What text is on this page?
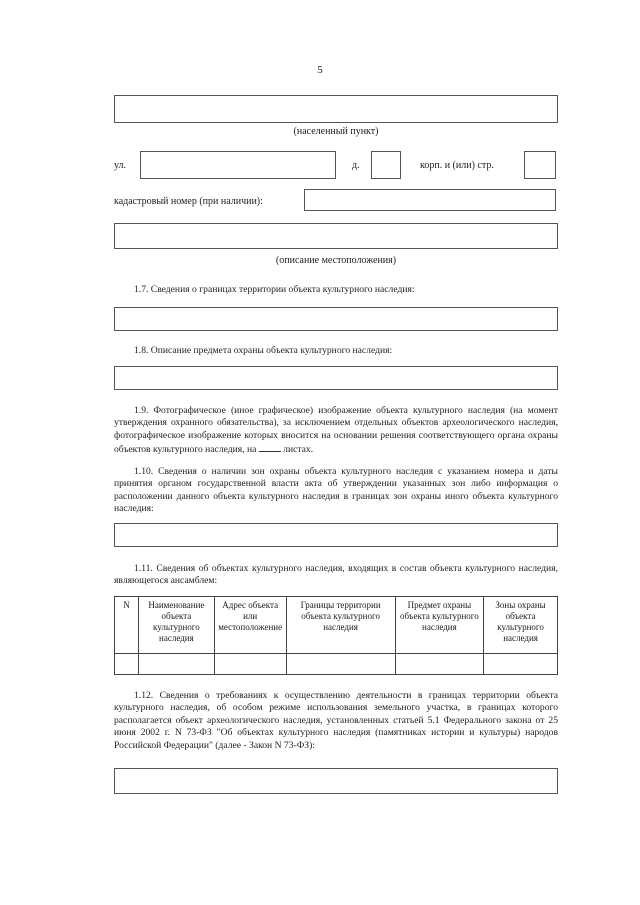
5
(населенный пункт)
ул.	д.	корп. и (или) стр.
кадастровый номер (при наличии):
(описание местоположения)
1.7. Сведения о границах территории объекта культурного наследия:
1.8. Описание предмета охраны объекта культурного наследия:
1.9. Фотографическое (иное графическое) изображение объекта культурного наследия (на момент утверждения охранного обязательства), за исключением отдельных объектов археологического наследия, фотографическое изображение которых вносится на основании решения соответствующего органа охраны объектов культурного наследия, на	листах.
1.10. Сведения о наличии зон охраны объекта культурного наследия с указанием номера и даты принятия органом государственной власти акта об утверждении указанных зон либо информация о расположении данного объекта культурного наследия в границах зон охраны иного объекта культурного наследия:
1.11. Сведения об объектах культурного наследия, входящих в состав объекта культурного наследия, являющегося ансамблем:
N	Наименование объекта культурного наследия	Адрес объекта или местоположение	Границы территории объекта культурного наследия	Предмет охраны объекта культурного наследия	Зоны охраны объекта культурного наследия

1.12. Сведения о требованиях к осуществлению деятельности в границах территории объекта культурного наследия, об особом режиме использования земельного участка, в границах которого располагается объект археологического наследия, установленных статьей 5.1 Федерального закона от 25 июня 2002 г. N 73-ФЗ "Об объектах культурного наследия (памятниках истории и культуры) народов Российской Федерации" (далее - Закон N 73-ФЗ):
